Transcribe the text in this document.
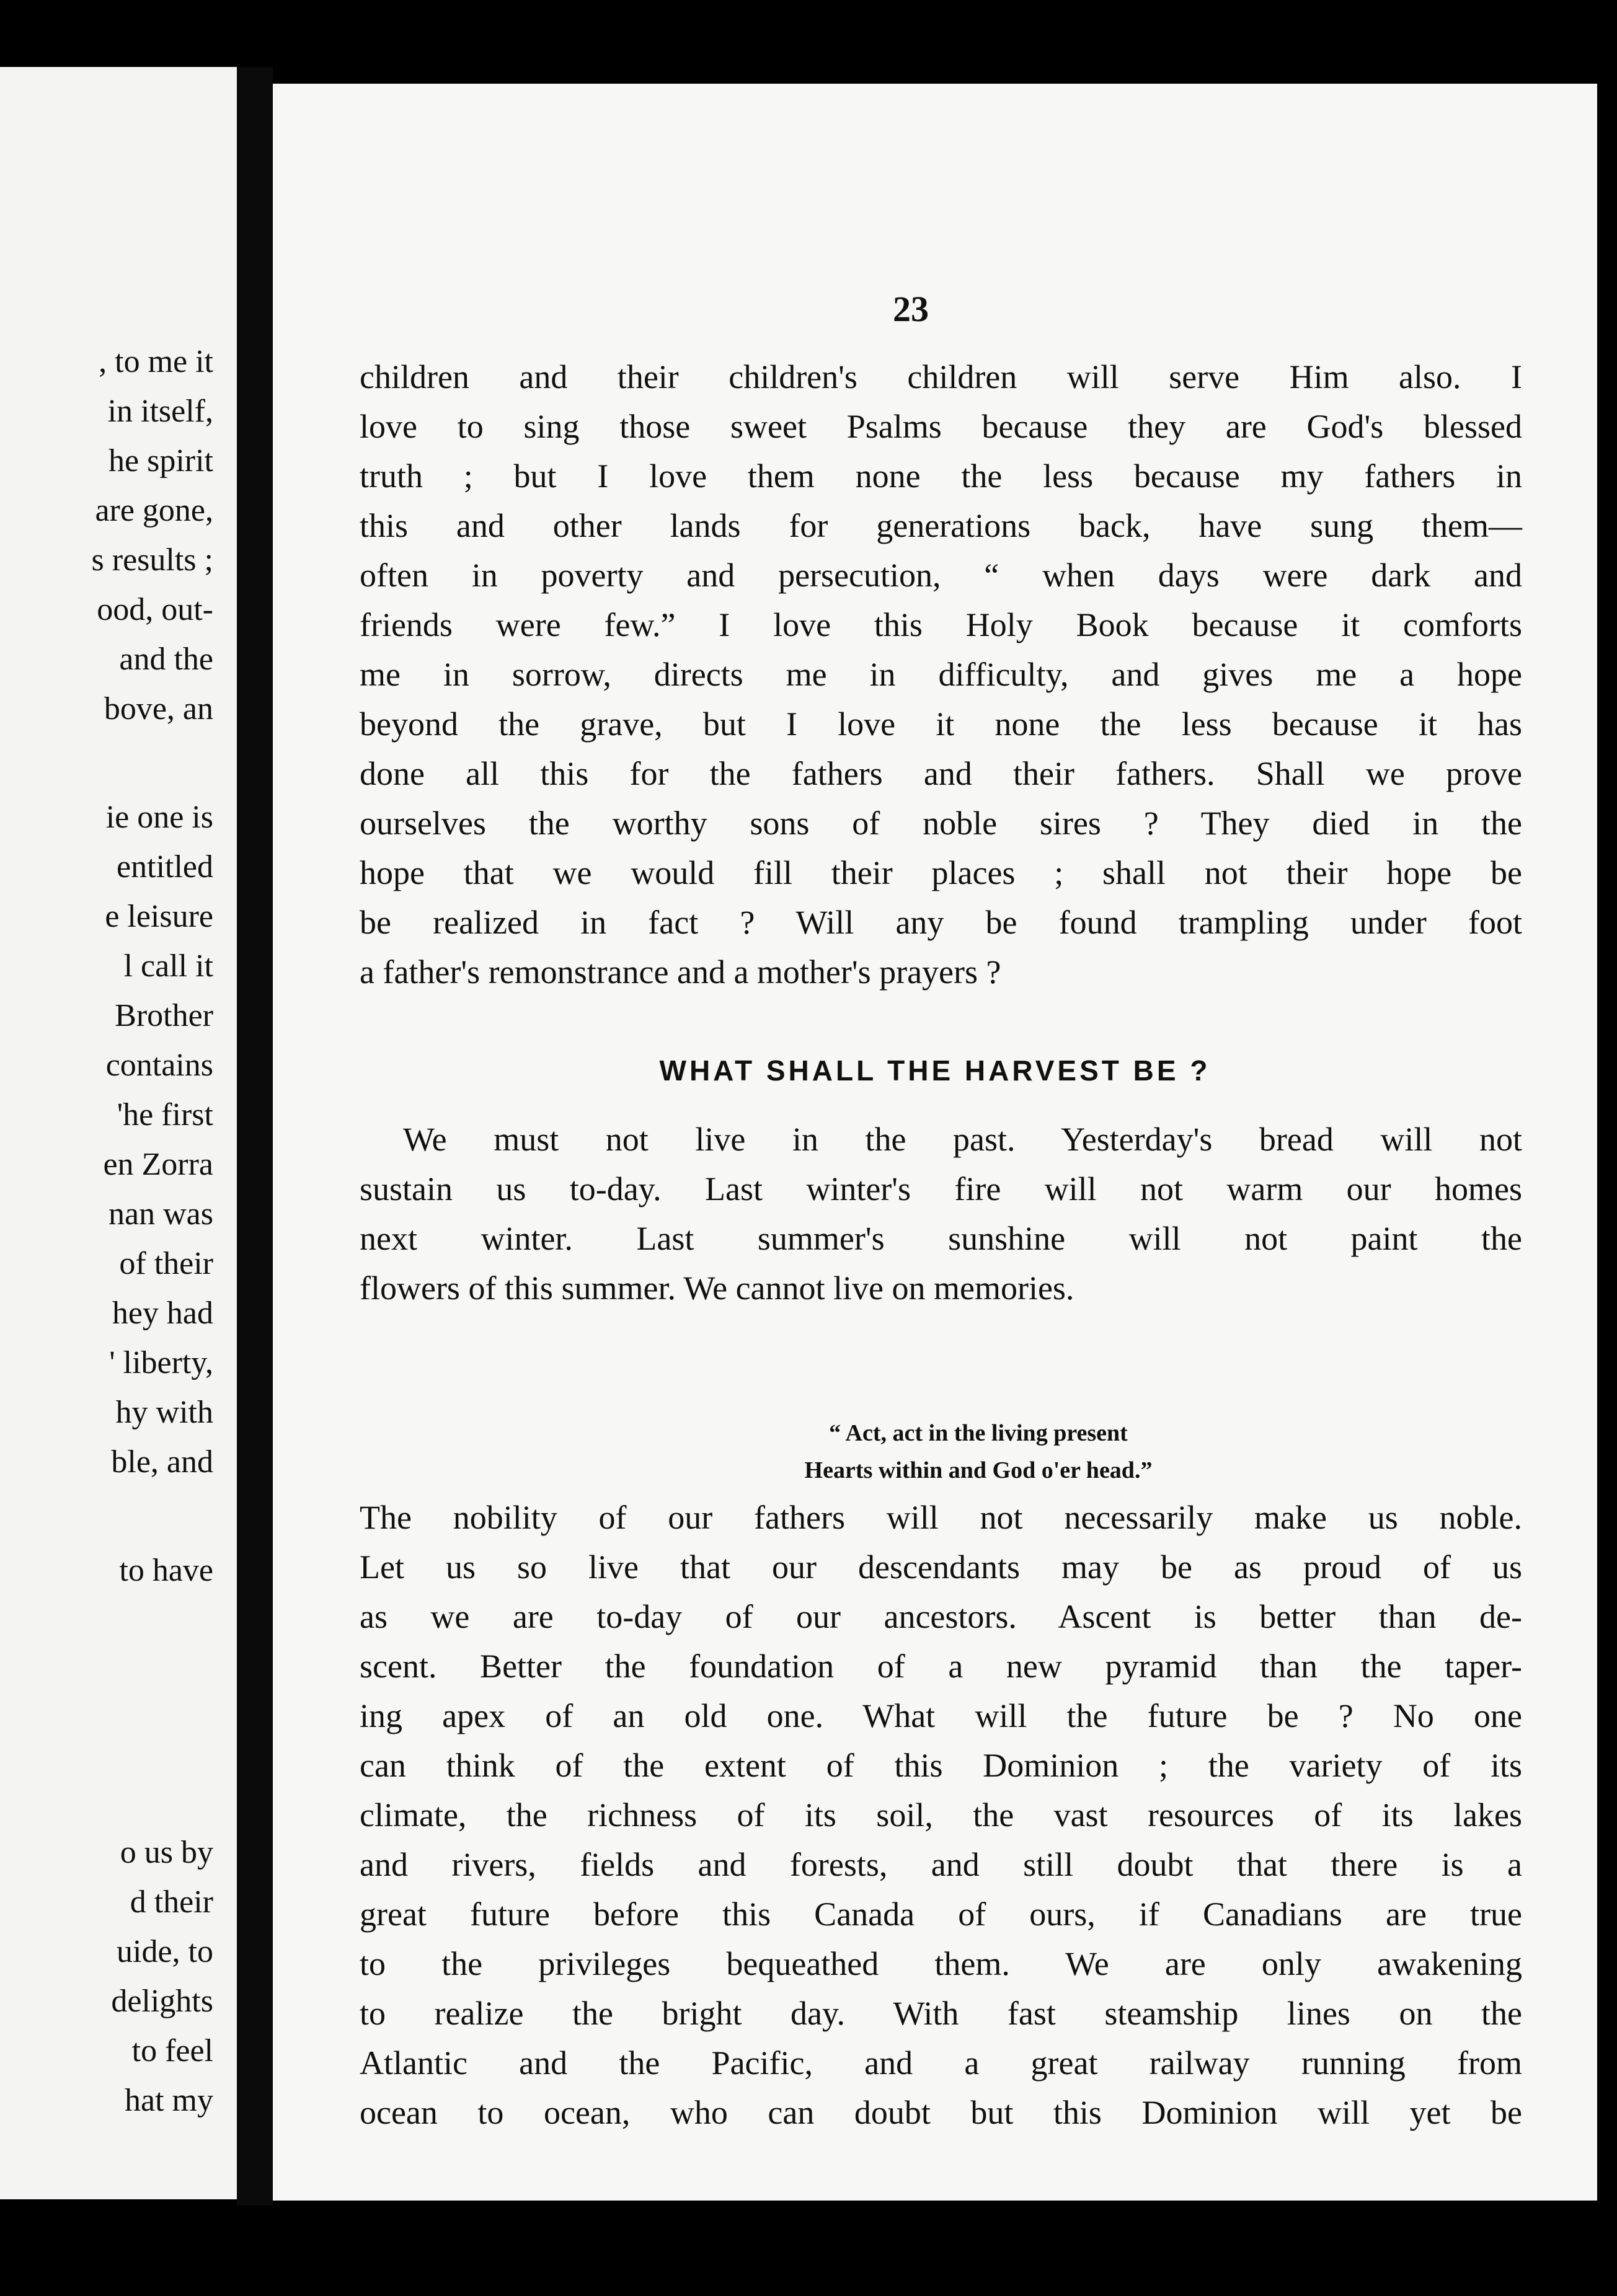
, to me it
in itself,
he spirit
are gone,
s results ;
ood, out-
and the
bove, an
ie one is
entitled
e leisure
l call it
Brother
contains
'he first
en Zorra
nan was
of their
hey had
' liberty,
hy with
ble, and
to have
o us by
d their
uide, to
delights
to feel
hat my
23
children and their children's children will serve Him also. I
love to sing those sweet Psalms because they are God's blessed
truth ; but I love them none the less because my fathers in
this and other lands for generations back, have sung them—
often in poverty and persecution, “ when days were dark and
friends were few.” I love this Holy Book because it comforts
me in sorrow, directs me in difficulty, and gives me a hope
beyond the grave, but I love it none the less because it has
done all this for the fathers and their fathers. Shall we prove
ourselves the worthy sons of noble sires ? They died in the
hope that we would fill their places ; shall not their hope be
be realized in fact ? Will any be found trampling under foot
a father's remonstrance and a mother's prayers ?
WHAT SHALL THE HARVEST BE ?
We must not live in the past. Yesterday's bread will not
sustain us to-day. Last winter's fire will not warm our homes
next winter. Last summer's sunshine will not paint the
flowers of this summer. We cannot live on memories.
“ Act, act in the living present
Hearts within and God o'er head.”
The nobility of our fathers will not necessarily make us noble.
Let us so live that our descendants may be as proud of us
as we are to-day of our ancestors. Ascent is better than de-
scent. Better the foundation of a new pyramid than the taper-
ing apex of an old one. What will the future be ? No one
can think of the extent of this Dominion ; the variety of its
climate, the richness of its soil, the vast resources of its lakes
and rivers, fields and forests, and still doubt that there is a
great future before this Canada of ours, if Canadians are true
to the privileges bequeathed them. We are only awakening
to realize the bright day. With fast steamship lines on the
Atlantic and the Pacific, and a great railway running from
ocean to ocean, who can doubt but this Dominion will yet be
